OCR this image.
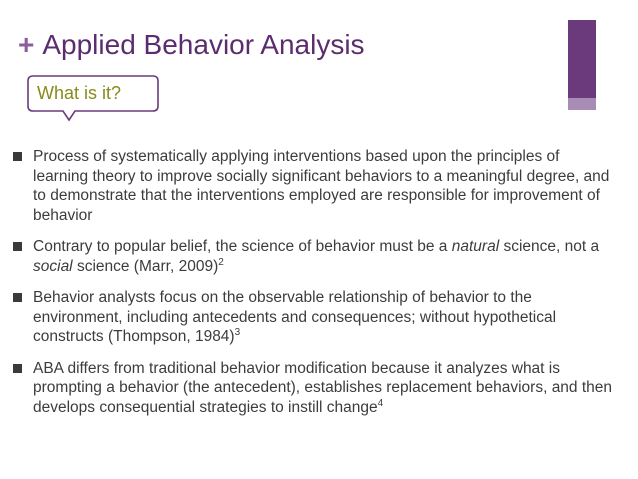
+ Applied Behavior Analysis
What is it?
Process of systematically applying interventions based upon the principles of learning theory to improve socially significant behaviors to a meaningful degree, and to demonstrate that the interventions employed are responsible for improvement of behavior
Contrary to popular belief, the science of behavior must be a natural science, not a social science (Marr, 2009)$^2$
Behavior analysts focus on the observable relationship of behavior to the environment, including antecedents and consequences; without hypothetical constructs (Thompson, 1984)$^3$
ABA differs from traditional behavior modification because it analyzes what is prompting a behavior (the antecedent), establishes replacement behaviors, and then develops consequential strategies to instill change$^4$
